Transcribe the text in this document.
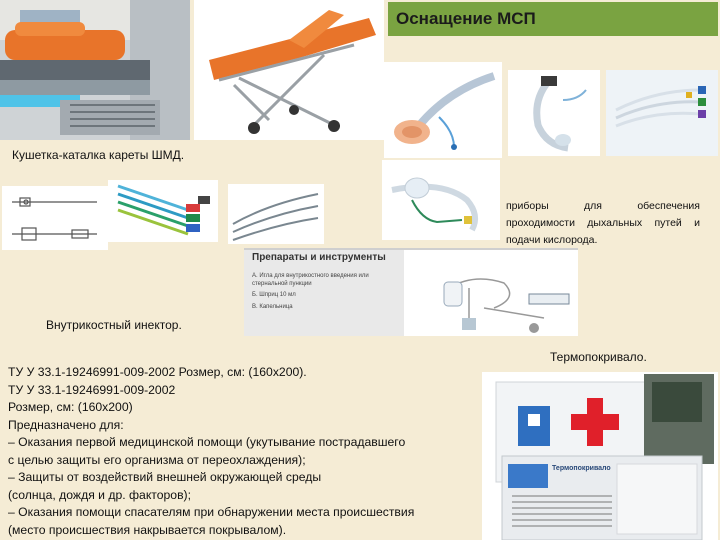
Оснащение МСП
Кушетка-каталка кареты ШМД.
приборы для обеспечения проходимости дыхальных путей и подачи кислорода.
Препараты и инструменты
А. Игла для внутрикостного введения или стернальной пункции
Б. Шприц 10 мл
В. Капельница
Внутрикостный инектор.
Термопокривало.
ТУ У 33.1-19246991-009-2002 Розмер, см: (160х200).
ТУ У 33.1-19246991-009-2002
Розмер, см: (160х200)
Предназначено для:
– Оказания первой медицинской помощи (укутывание пострадавшего
с целью защиты его организма от переохлаждения);
– Защиты от воздействий внешней окружающей среды
(солнца, дождя и др. факторов);
– Оказания помощи спасателям при обнаружении места происшествия
(место происшествия накрывается покрывалом).
Термопокривало
